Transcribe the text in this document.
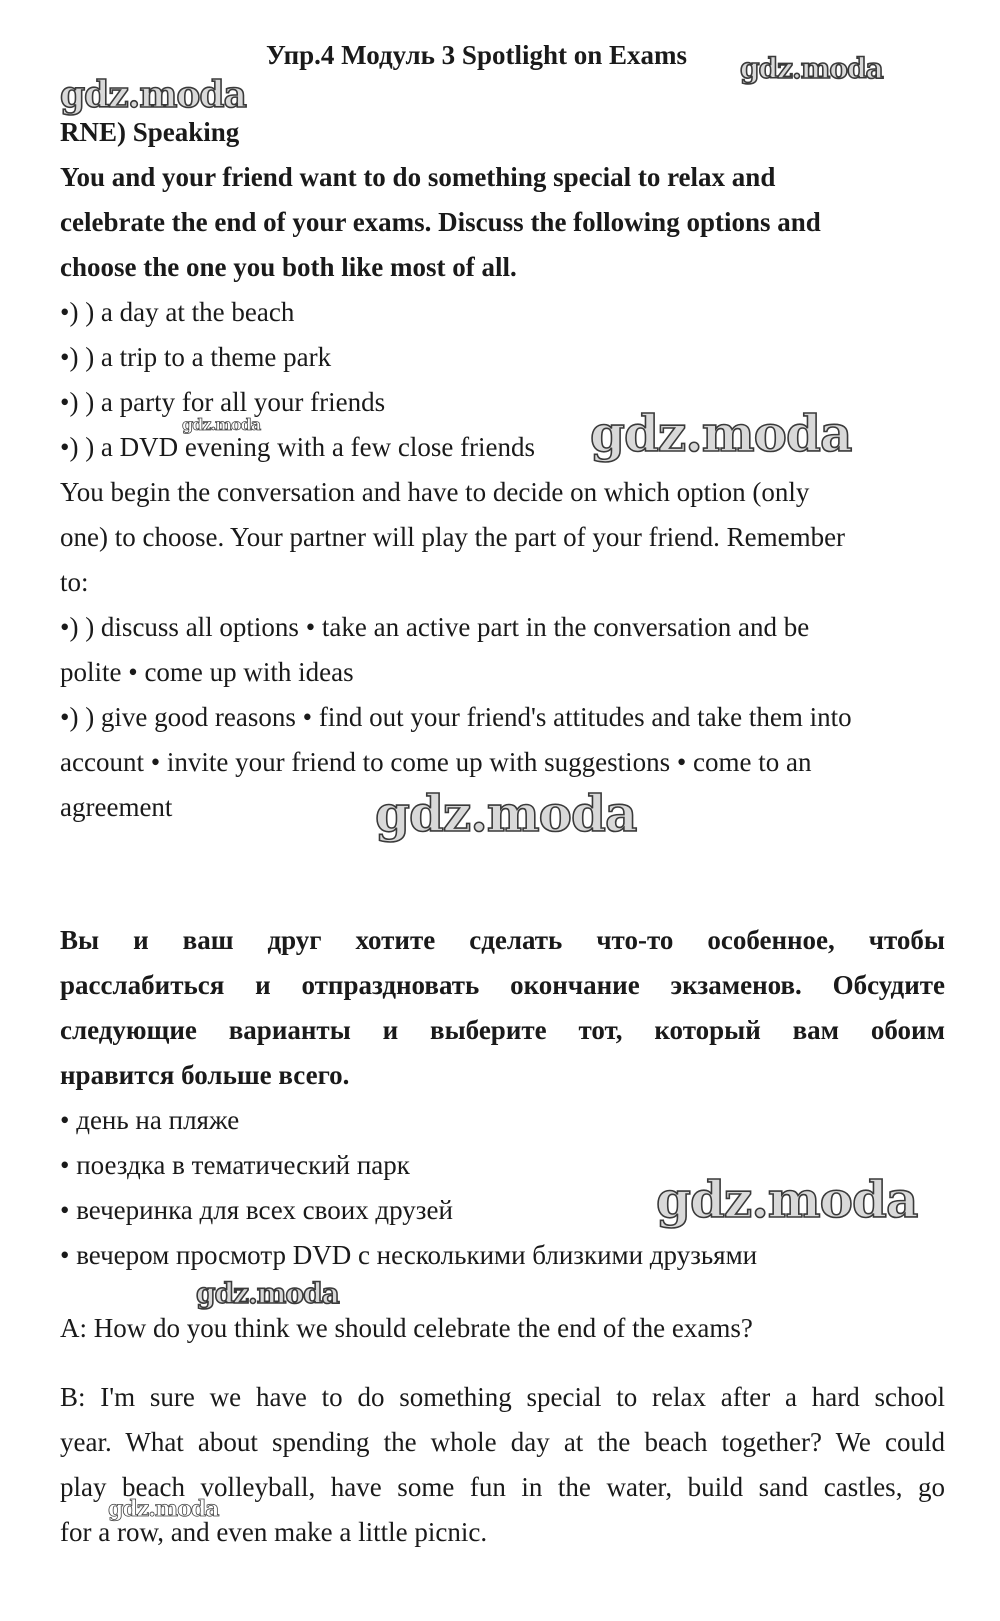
Упр.4 Модуль 3 Spotlight on Exams
RNE) Speaking
You and your friend want to do something special to relax and
celebrate the end of your exams. Discuss the following options and
choose the one you both like most of all.
•) ) a day at the beach
•) ) a trip to a theme park
•) ) a party for all your friends
•) ) a DVD evening with a few close friends
You begin the conversation and have to decide on which option (only
one) to choose. Your partner will play the part of your friend. Remember
to:
•) ) discuss all options • take an active part in the conversation and be
polite • come up with ideas
•) ) give good reasons • find out your friend's attitudes and take them into
account • invite your friend to come up with suggestions • come to an
agreement
Вы и ваш друг хотите сделать что-то особенное, чтобы
расслабиться и отпраздновать окончание экзаменов. Обсудите
следующие варианты и выберите тот, который вам обоим
нравится больше всего.
• день на пляже
• поездка в тематический парк
• вечеринка для всех своих друзей
• вечером просмотр DVD с несколькими близкими друзьями
A: How do you think we should celebrate the end of the exams?
B: I'm sure we have to do something special to relax after a hard school
year. What about spending the whole day at the beach together? We could
play beach volleyball, have some fun in the water, build sand castles, go
for a row, and even make a little picnic.
gdz.moda
gdz.moda
gdz.moda	gdz.moda
gdz.moda
gdz.moda
gdz.moda
gdz.moda
